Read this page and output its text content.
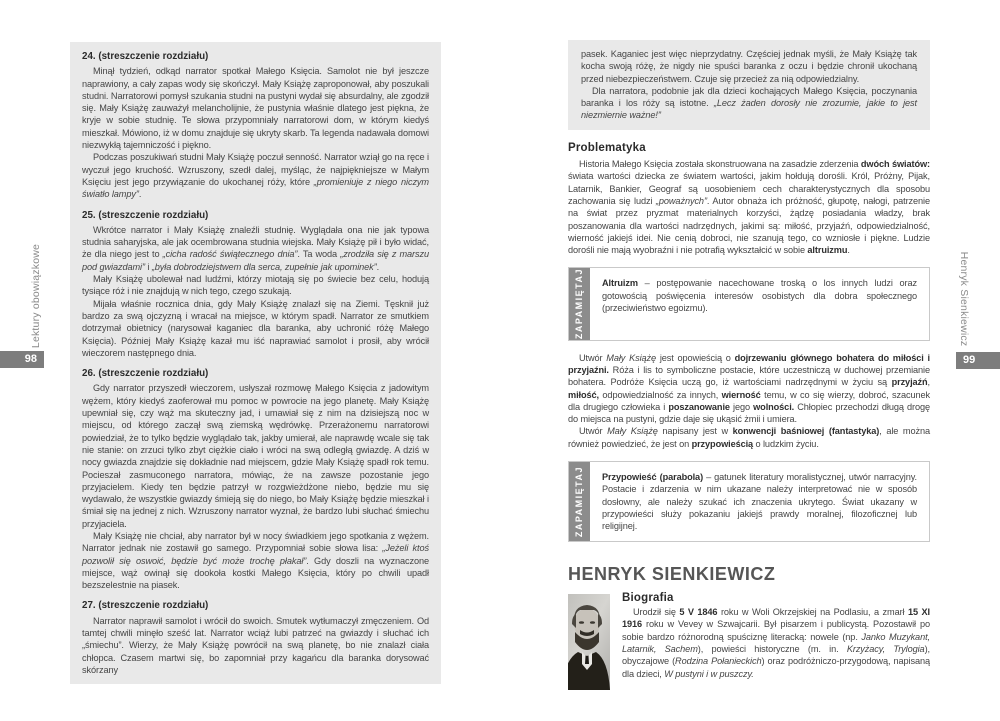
Lektury obowiązkowe
98
24. (streszczenie rozdziału)

Minął tydzień, odkąd narrator spotkał Małego Księcia. Samolot nie był jeszcze naprawiony, a cały zapas wody się skończył. Mały Książę zaproponował, aby poszukali studni. Narratorowi pomysł szukania studni na pustyni wydał się absurdalny, ale zgodził się. Mały Książę zauważył melancholijnie, że pustynia właśnie dlatego jest piękna, że kryje w sobie studnię. Te słowa przypomniały narratorowi dom, w którym kiedyś mieszkał. Mówiono, iż w domu znajduje się ukryty skarb. Ta legenda nadawała domowi niezwykłą tajemniczość i piękno.

Podczas poszukiwań studni Mały Książę poczuł senność. Narrator wziął go na ręce i wyczuł jego kruchość. Wzruszony, szedł dalej, myśląc, że najpiękniejsze w Małym Księciu jest jego przywiązanie do ukochanej róży, które „promieniuje z niego niczym światło lampy”.

25. (streszczenie rozdziału)

Wkrótce narrator i Mały Książę znaleźli studnię. Wyglądała ona nie jak typowa studnia saharyjska, ale jak ocembrowana studnia wiejska. Mały Książę pił i było widać, że dla niego jest to „cicha radość świątecznego dnia”. Ta woda „zrodziła się z marszu pod gwiazdami” i „była dobrodziejstwem dla serca, zupełnie jak upominek”.

Mały Książę ubolewał nad ludźmi, którzy miotają się po świecie bez celu, hodują tysiące róż i nie znajdują w nich tego, czego szukają.

Mijała właśnie rocznica dnia, gdy Mały Książę znalazł się na Ziemi. Tęsknił już bardzo za swą ojczyzną i wracał na miejsce, w którym spadł. Narrator ze smutkiem dotrzymał obietnicy (narysował kaganiec dla baranka, aby uchronić różę Małego Księcia). Później Mały Książę kazał mu iść naprawiać samolot i prosił, aby wrócił wieczorem następnego dnia.

26. (streszczenie rozdziału)

Gdy narrator przyszedł wieczorem, usłyszał rozmowę Małego Księcia z jadowitym wężem, który kiedyś zaoferował mu pomoc w powrocie na jego planetę. Mały Książę upewniał się, czy wąż ma skuteczny jad, i umawiał się z nim na dzisiejszą noc w miejscu, od którego zaczął swą ziemską wędrówkę. Przerażonemu narratorowi powiedział, że to tylko będzie wyglądało tak, jakby umierał, ale naprawdę wcale się tak nie stanie: on zrzuci tylko zbyt ciężkie ciało i wróci na swą odległą gwiazdę. A dziś w nocy gwiazda znajdzie się dokładnie nad miejscem, gdzie Mały Książę spadł rok temu. Pocieszał zasmuconego narratora, mówiąc, że na zawsze pozostanie jego przyjacielem. Kiedy ten będzie patrzył w rozgwieżdżone niebo, będzie mu się wydawało, że wszystkie gwiazdy śmieją się do niego, bo Mały Książę będzie mieszkał i śmiał się na jednej z nich. Wzruszony narrator wyznał, że bardzo lubi słuchać śmiechu przyjaciela.

Mały Książę nie chciał, aby narrator był w nocy świadkiem jego spotkania z wężem. Narrator jednak nie zostawił go samego. Przypomniał sobie słowa lisa: „Jeżeli ktoś pozwolił się oswoić, będzie być może trochę płakał”. Gdy doszli na wyznaczone miejsce, wąż owinął się dookoła kostki Małego Księcia, który po chwili upadł bezszelestnie na piasek.

27. (streszczenie rozdziału)

Narrator naprawił samolot i wrócił do swoich. Smutek wytłumaczył zmęczeniem. Od tamtej chwili minęło sześć lat. Narrator wciąż lubi patrzeć na gwiazdy i słuchać ich „śmiechu”. Wierzy, że Mały Książę powrócił na swą planetę, bo nie znalazł ciała chłopca. Czasem martwi się, bo zapomniał przy kagańcu dla baranka dorysować skórzany

pasek. Kaganiec jest więc nieprzydatny. Częściej jednak myśli, że Mały Książę tak kocha swoją różę, że nigdy nie spuści baranka z oczu i będzie chronił ukochaną przed niebezpieczeństwem. Czuje się przecież za nią odpowiedzialny.

Dla narratora, podobnie jak dla dzieci kochających Małego Księcia, poczynania baranka i los róży są istotne. „Lecz żaden dorosły nie zrozumie, jakie to jest niezmiernie ważne!”

Problematyka

Historia Małego Księcia została skonstruowana na zasadzie zderzenia dwóch światów: świata wartości dziecka ze światem wartości, jakim hołdują dorośli. Król, Próżny, Pijak, Latarnik, Bankier, Geograf są uosobieniem cech charakterystycznych dla sposobu zachowania się ludzi „poważnych”. Autor obnaża ich próżność, głupotę, nałogi, patrzenie na świat przez pryzmat materialnych korzyści, żądzę posiadania władzy, brak poszanowania dla wartości nadrzędnych, jakimi są: miłość, przyjaźń, odpowiedzialność, wierność jakiejś idei. Nie cenią dobroci, nie szanują tego, co wzniosłe i piękne. Ludzie dorośli nie mają wyobraźni i nie potrafią wykształcić w sobie altruizmu.

ZAPAMIĘTAJ	Altruizm – postępowanie nacechowane troską o los innych ludzi oraz gotowością poświęcenia interesów osobistych dla dobra społecznego (przeciwieństwo egoizmu).

Utwór Mały Książę jest opowieścią o dojrzewaniu głównego bohatera do miłości i przyjaźni. Róża i lis to symboliczne postacie, które uczestniczą w duchowej przemianie bohatera. Podróże Księcia uczą go, iż wartościami nadrzędnymi w życiu są przyjaźń, miłość, odpowiedzialność za innych, wierność temu, w co się wierzy, dobroć, szacunek dla drugiego człowieka i poszanowanie jego wolności. Chłopiec przechodzi długą drogę do miejsca na pustyni, gdzie daje się ukąsić żmii i umiera.

Utwór Mały Książę napisany jest w konwencji baśniowej (fantastyka), ale można również powiedzieć, że jest on przypowieścią o ludzkim życiu.

ZAPAMIĘTAJ	Przypowieść (parabola) – gatunek literatury moralistycznej, utwór narracyjny. Postacie i zdarzenia w nim ukazane należy interpretować nie w sposób dosłowny, ale należy szukać ich znaczenia ukrytego. Świat ukazany w przypowieści służy pokazaniu jakiejś prawdy moralnej, filozoficznej lub religijnej.
HENRYK SIENKIEWICZ
Biografia

Urodził się 5 V 1846 roku w Woli Okrzejskiej na Podlasiu, a zmarł 15 XI 1916 roku w Vevey w Szwajcarii. Był pisarzem i publicystą. Pozostawił po sobie bardzo różnorodną spuściznę literacką: nowele (np. Janko Muzykant, Latarnik, Sachem), powieści historyczne (m. in. Krzyżacy, Trylogia), obyczajowe (Rodzina Połanieckich) oraz podróżniczo-przygodową, napisaną dla dzieci, W pustyni i w puszczy.

Henryk Sienkiewicz
99
